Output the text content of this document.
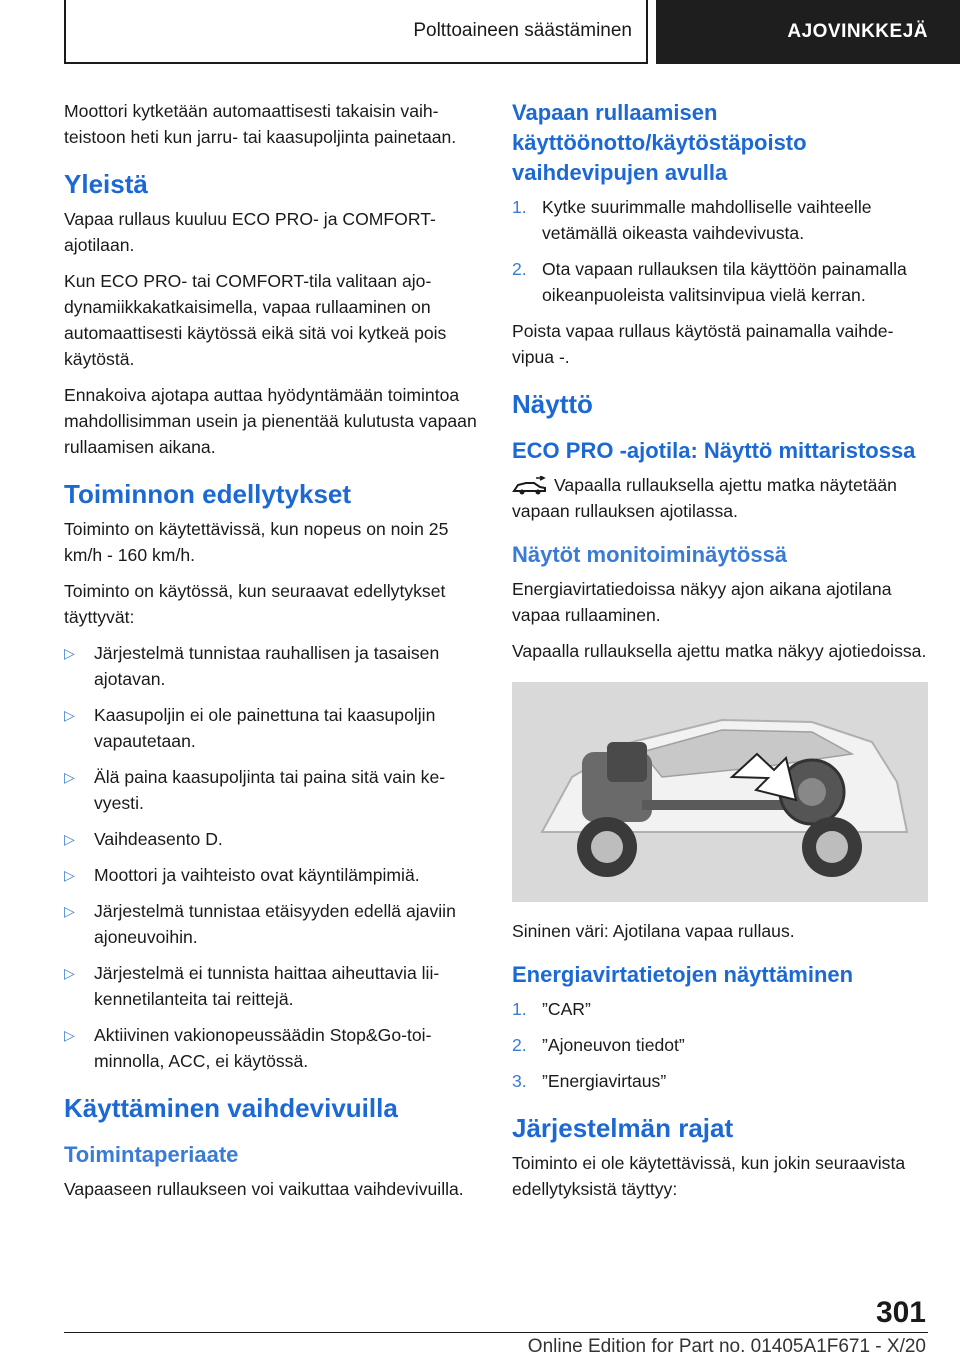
Polttoaineen säästäminen	AJOVINKKEJÄ

Moottori kytketään automaattisesti takaisin vaihteistoon heti kun jarru- tai kaasupoljinta painetaan.

Yleistä

Vapaa rullaus kuuluu ECO PRO- ja COMFORT-ajotilaan.

Kun ECO PRO- tai COMFORT-tila valitaan ajodynamiikkakatkaisimella, vapaa rullaaminen on automaattisesti käytössä eikä sitä voi kytkeä pois käytöstä.

Ennakoiva ajotapa auttaa hyödyntämään toimintoa mahdollisimman usein ja pienentää kulutusta vapaan rullaamisen aikana.

Toiminnon edellytykset

Toiminto on käytettävissä, kun nopeus on noin 25 km/h - 160 km/h.

Toiminto on käytössä, kun seuraavat edellytykset täyttyvät:

▷ Järjestelmä tunnistaa rauhallisen ja tasaisen ajotavan.
▷ Kaasupoljin ei ole painettuna tai kaasupoljin vapautetaan.
▷ Älä paina kaasupoljinta tai paina sitä vain kevyesti.
▷ Vaihdeasento D.
▷ Moottori ja vaihteisto ovat käyntilämpimiä.
▷ Järjestelmä tunnistaa etäisyyden edellä ajaviin ajoneuvoihin.
▷ Järjestelmä ei tunnista haittaa aiheuttavia liikennetilanteita tai reittejä.
▷ Aktiivinen vakionopeussäädin Stop&Go-toiminnolla, ACC, ei käytössä.
Käyttäminen vaihdevivuilla
Toimintaperiaate

Vapaaseen rullaukseen voi vaikuttaa vaihdevivuilla.

Vapaan rullaamisen käyttöönotto/käytöstäpoisto vaihdevipujen avulla
1. Kytke suurimmalle mahdolliselle vaihteelle vetämällä oikeasta vaihdevivusta.
2. Ota vapaan rullauksen tila käyttöön painamalla oikeanpuoleista valitsinvipua vielä kerran.

Poista vapaa rullaus käytöstä painamalla vaihdevipua -.

Näyttö
ECO PRO -ajotila: Näyttö mittaristossa

Vapaalla rullauksella ajettu matka näytetään vapaan rullauksen ajotilassa.

Näytöt monitoiminäytössä

Energiavirtatiedoissa näkyy ajon aikana ajotilana vapaa rullaaminen.

Vapaalla rullauksella ajettu matka näkyy ajotiedoissa.

Sininen väri: Ajotilana vapaa rullaus.

Energiavirtatietojen näyttäminen
1. ”CAR”
2. ”Ajoneuvon tiedot”
3. ”Energiavirtaus”
Järjestelmän rajat

Toiminto ei ole käytettävissä, kun jokin seuraavista edellytyksistä täyttyy:

301
Online Edition for Part no. 01405A1F671 - X/20
